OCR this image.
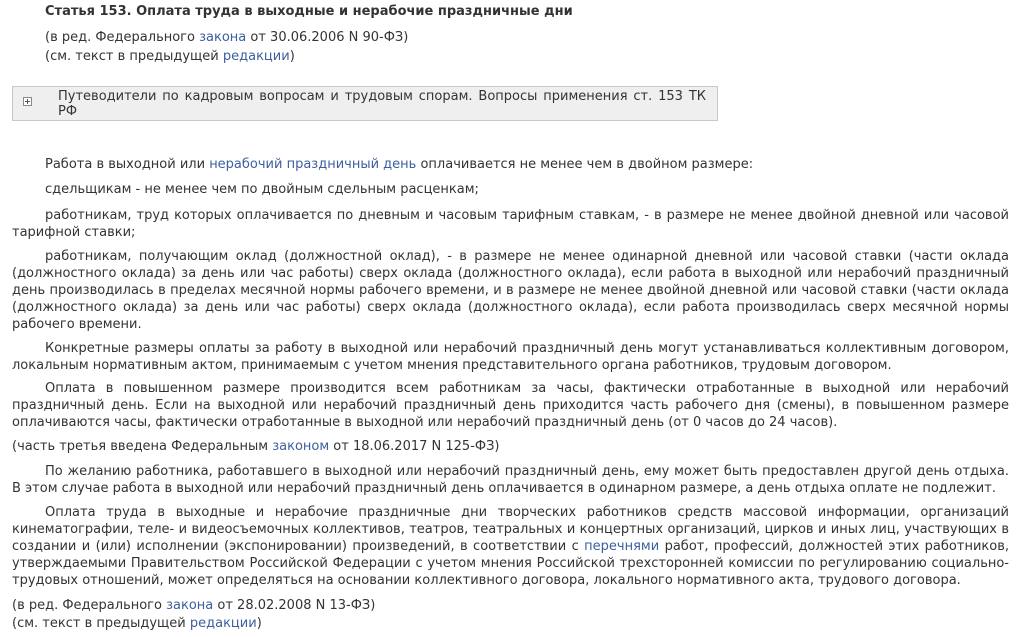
Статья 153. Оплата труда в выходные и нерабочие праздничные дни
(в ред. Федерального закона от 30.06.2006 N 90-ФЗ)
(см. текст в предыдущей редакции)
Путеводители по кадровым вопросам и трудовым спорам. Вопросы применения ст. 153 ТК РФ
Работа в выходной или нерабочий праздничный день оплачивается не менее чем в двойном размере:
сдельщикам - не менее чем по двойным сдельным расценкам;
работникам, труд которых оплачивается по дневным и часовым тарифным ставкам, - в размере не менее двойной дневной или часовой тарифной ставки;
работникам, получающим оклад (должностной оклад), - в размере не менее одинарной дневной или часовой ставки (части оклада (должностного оклада) за день или час работы) сверх оклада (должностного оклада), если работа в выходной или нерабочий праздничный день производилась в пределах месячной нормы рабочего времени, и в размере не менее двойной дневной или часовой ставки (части оклада (должностного оклада) за день или час работы) сверх оклада (должностного оклада), если работа производилась сверх месячной нормы рабочего времени.
Конкретные размеры оплаты за работу в выходной или нерабочий праздничный день могут устанавливаться коллективным договором, локальным нормативным актом, принимаемым с учетом мнения представительного органа работников, трудовым договором.
Оплата в повышенном размере производится всем работникам за часы, фактически отработанные в выходной или нерабочий праздничный день. Если на выходной или нерабочий праздничный день приходится часть рабочего дня (смены), в повышенном размере оплачиваются часы, фактически отработанные в выходной или нерабочий праздничный день (от 0 часов до 24 часов).
(часть третья введена Федеральным законом от 18.06.2017 N 125-ФЗ)
По желанию работника, работавшего в выходной или нерабочий праздничный день, ему может быть предоставлен другой день отдыха. В этом случае работа в выходной или нерабочий праздничный день оплачивается в одинарном размере, а день отдыха оплате не подлежит.
Оплата труда в выходные и нерабочие праздничные дни творческих работников средств массовой информации, организаций кинематографии, теле- и видеосъемочных коллективов, театров, театральных и концертных организаций, цирков и иных лиц, участвующих в создании и (или) исполнении (экспонировании) произведений, в соответствии с перечнями работ, профессий, должностей этих работников, утверждаемыми Правительством Российской Федерации с учетом мнения Российской трехсторонней комиссии по регулированию социально-трудовых отношений, может определяться на основании коллективного договора, локального нормативного акта, трудового договора.
(в ред. Федерального закона от 28.02.2008 N 13-ФЗ)
(см. текст в предыдущей редакции)
